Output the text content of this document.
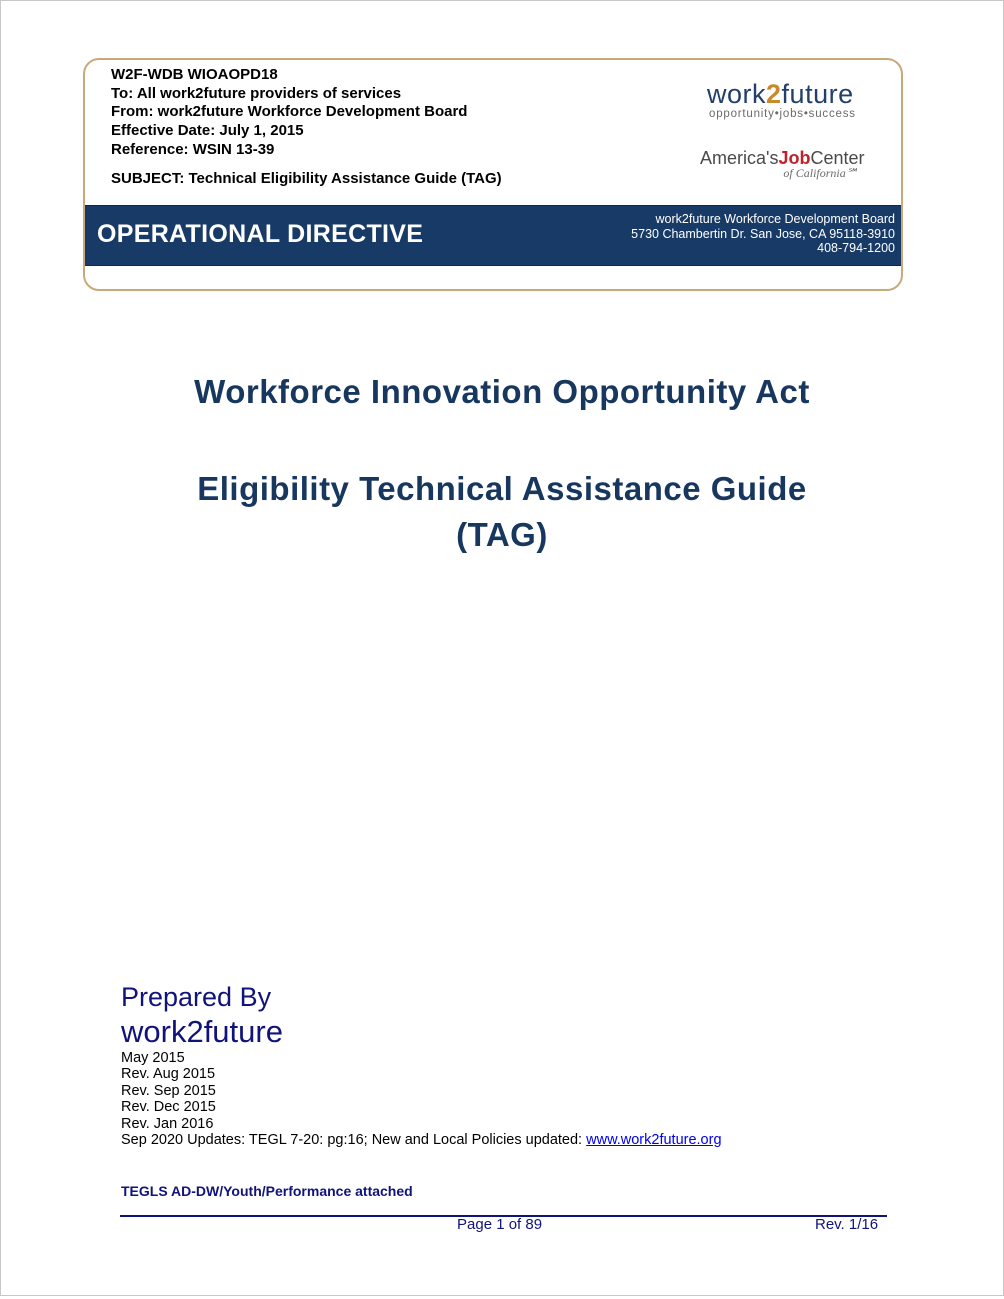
W2F-WDB WIOAOPD18
To: All work2future providers of services
From: work2future Workforce Development Board
Effective Date: July 1, 2015
Reference: WSIN 13-39
SUBJECT: Technical Eligibility Assistance Guide (TAG)
work2future
opportunity•jobs•success
America'sJobCenter
of California℠
OPERATIONAL DIRECTIVE
work2future Workforce Development Board
5730 Chambertin Dr. San Jose, CA 95118-3910
408-794-1200
Workforce Innovation Opportunity Act
Eligibility Technical Assistance Guide
(TAG)
Prepared By
work2future
May 2015
Rev. Aug 2015
Rev. Sep 2015
Rev. Dec 2015
Rev. Jan 2016
Sep 2020 Updates: TEGL 7-20: pg:16; New and Local Policies updated: www.work2future.org
TEGLS AD-DW/Youth/Performance attached
Page 1 of 89	Rev. 1/16
